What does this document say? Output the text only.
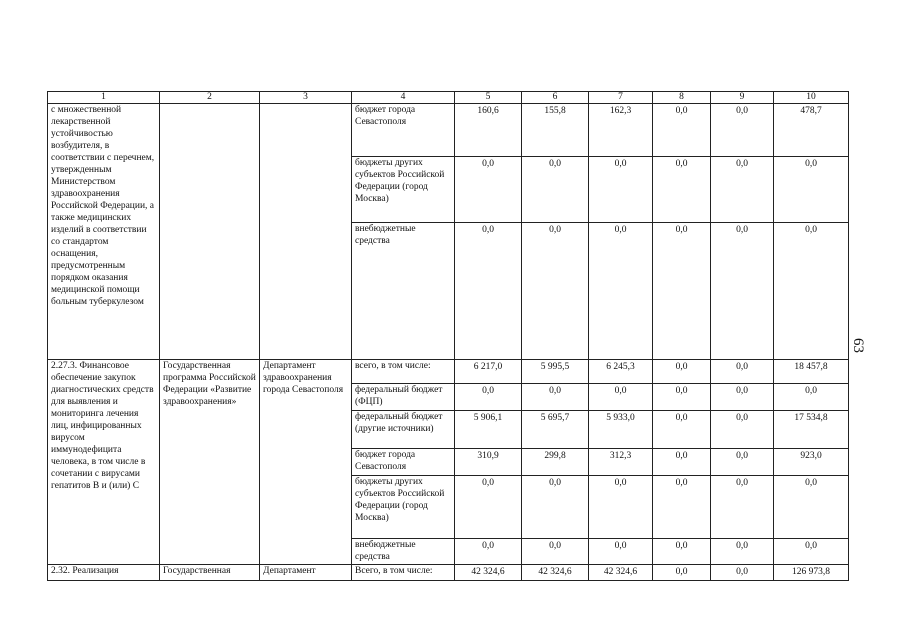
1	2	3	4	5	6	7	8	9	10
с множественной лекарственной устойчивостью возбудителя, в соответствии с перечнем, утвержденным Министерством здравоохранения Российской Федерации, а также медицинских изделий в соответствии со стандартом оснащения, предусмотренным порядком оказания медицинской помощи больным туберкулезом			бюджет города Севастополя	160,6	155,8	162,3	0,0	0,0	478,7
			бюджеты других субъектов Российской Федерации (город Москва)	0,0	0,0	0,0	0,0	0,0	0,0
			внебюджетные средства	0,0	0,0	0,0	0,0	0,0	0,0
2.27.3. Финансовое обеспечение закупок диагностических средств для выявления и мониторинга лечения лиц, инфицированных вирусом иммунодефицита человека, в том числе в сочетании с вирусами гепатитов В и (или) С	Государственная программа Российской Федерации «Развитие здравоохранения»	Департамент здравоохранения города Севастополя	всего, в том числе:	6 217,0	5 995,5	6 245,3	0,0	0,0	18 457,8
			федеральный бюджет (ФЦП)	0,0	0,0	0,0	0,0	0,0	0,0
			федеральный бюджет (другие источники)	5 906,1	5 695,7	5 933,0	0,0	0,0	17 534,8
			бюджет города Севастополя	310,9	299,8	312,3	0,0	0,0	923,0
			бюджеты других субъектов Российской Федерации (город Москва)	0,0	0,0	0,0	0,0	0,0	0,0
			внебюджетные средства	0,0	0,0	0,0	0,0	0,0	0,0
2.32. Реализация	Государственная	Департамент	Всего, в том числе:	42 324,6	42 324,6	42 324,6	0,0	0,0	126 973,8
63
